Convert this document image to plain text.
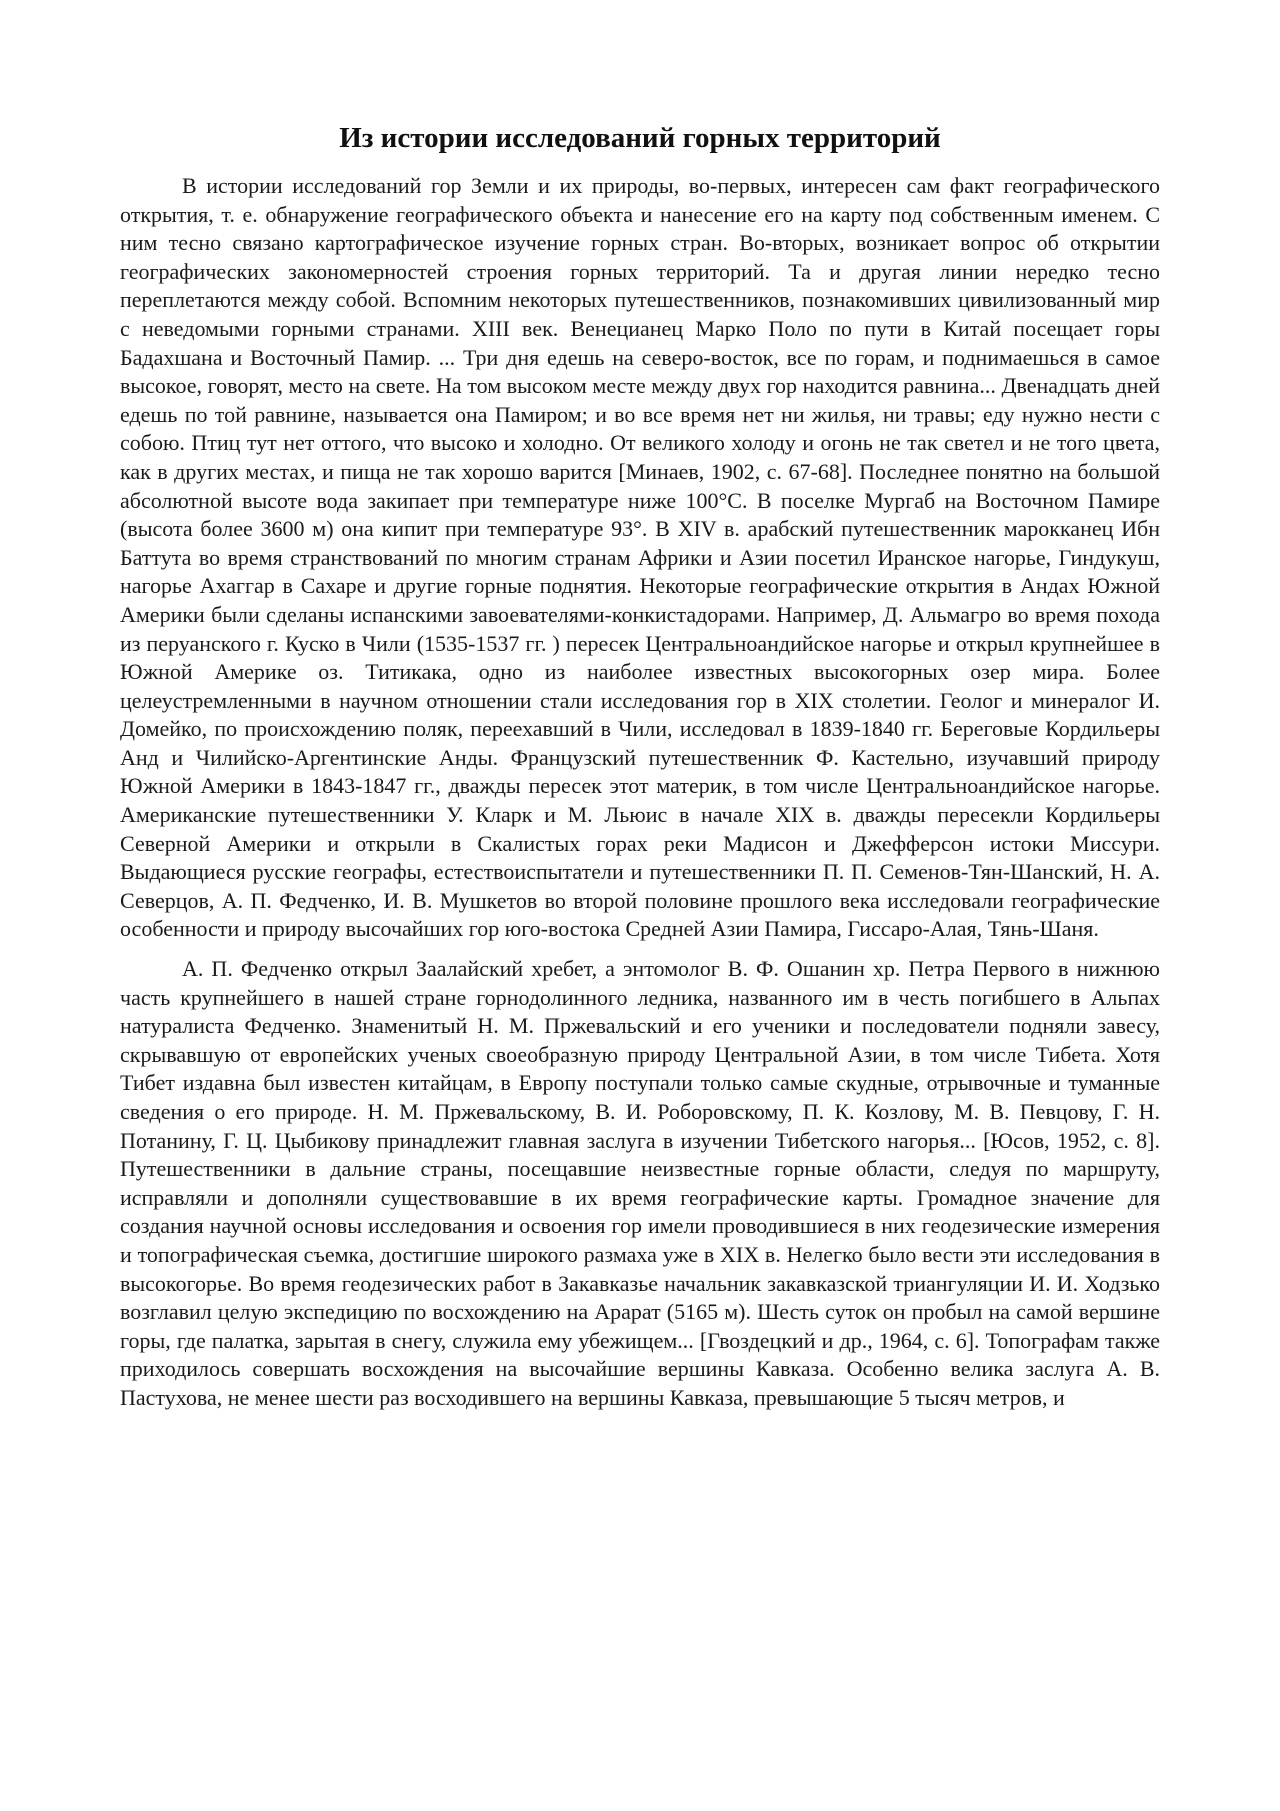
Из истории исследований горных территорий

В истории исследований гор Земли и их природы, во-первых, интересен сам факт географического открытия, т. е. обнаружение географического объекта и нанесение его на карту под собственным именем. С ним тесно связано картографическое изучение горных стран. Во-вторых, возникает вопрос об открытии географических закономерностей строения горных территорий. Та и другая линии нередко тесно переплетаются между собой. Вспомним некоторых путешественников, познакомивших цивилизованный мир с неведомыми горными странами. XIII век. Венецианец Марко Поло по пути в Китай посещает горы Бадахшана и Восточный Памир. ... Три дня едешь на северо-восток, все по горам, и поднимаешься в самое высокое, говорят, место на свете. На том высоком месте между двух гор находится равнина... Двенадцать дней едешь по той равнине, называется она Памиром; и во все время нет ни жилья, ни травы; еду нужно нести с собою. Птиц тут нет оттого, что высоко и холодно. От великого холоду и огонь не так светел и не того цвета, как в других местах, и пища не так хорошо варится [Минаев, 1902, с. 67-68]. Последнее понятно на большой абсолютной высоте вода закипает при температуре ниже 100°С. В поселке Мургаб на Восточном Памире (высота более 3600 м) она кипит при температуре 93°. В XIV в. арабский путешественник марокканец Ибн Баттута во время странствований по многим странам Африки и Азии посетил Иранское нагорье, Гиндукуш, нагорье Ахаггар в Сахаре и другие горные поднятия. Некоторые географические открытия в Андах Южной Америки были сделаны испанскими завоевателями-конкистадорами. Например, Д. Альмагро во время похода из перуанского г. Куско в Чили (1535-1537 гг. ) пересек Центральноандийское нагорье и открыл крупнейшее в Южной Америке оз. Титикака, одно из наиболее известных высокогорных озер мира. Более целеустремленными в научном отношении стали исследования гор в XIX столетии. Геолог и минералог И. Домейко, по происхождению поляк, переехавший в Чили, исследовал в 1839-1840 гг. Береговые Кордильеры Анд и Чилийско-Аргентинские Анды. Французский путешественник Ф. Кастельно, изучавший природу Южной Америки в 1843-1847 гг., дважды пересек этот материк, в том числе Центральноандийское нагорье. Американские путешественники У. Кларк и М. Льюис в начале XIX в. дважды пересекли Кордильеры Северной Америки и открыли в Скалистых горах реки Мадисон и Джефферсон истоки Миссури. Выдающиеся русские географы, естествоиспытатели и путешественники П. П. Семенов-Тян-Шанский, Н. А. Северцов, А. П. Федченко, И. В. Мушкетов во второй половине прошлого века исследовали географические особенности и природу высочайших гор юго-востока Средней Азии Памира, Гиссаро-Алая, Тянь-Шаня.

А. П. Федченко открыл Заалайский хребет, а энтомолог В. Ф. Ошанин хр. Петра Первого в нижнюю часть крупнейшего в нашей стране горнодолинного ледника, названного им в честь погибшего в Альпах натуралиста Федченко. Знаменитый Н. М. Пржевальский и его ученики и последователи подняли завесу, скрывавшую от европейских ученых своеобразную природу Центральной Азии, в том числе Тибета. Хотя Тибет издавна был известен китайцам, в Европу поступали только самые скудные, отрывочные и туманные сведения о его природе. Н. М. Пржевальскому, В. И. Роборовскому, П. К. Козлову, М. В. Певцову, Г. Н. Потанину, Г. Ц. Цыбикову принадлежит главная заслуга в изучении Тибетского нагорья... [Юсов, 1952, с. 8]. Путешественники в дальние страны, посещавшие неизвестные горные области, следуя по маршруту, исправляли и дополняли существовавшие в их время географические карты. Громадное значение для создания научной основы исследования и освоения гор имели проводившиеся в них геодезические измерения и топографическая съемка, достигшие широкого размаха уже в XIX в. Нелегко было вести эти исследования в высокогорье. Во время геодезических работ в Закавказье начальник закавказской триангуляции И. И. Ходзько возглавил целую экспедицию по восхождению на Арарат (5165 м). Шесть суток он пробыл на самой вершине горы, где палатка, зарытая в снегу, служила ему убежищем... [Гвоздецкий и др., 1964, с. 6]. Топографам также приходилось совершать восхождения на высочайшие вершины Кавказа. Особенно велика заслуга А. В. Пастухова, не менее шести раз восходившего на вершины Кавказа, превышающие 5 тысяч метров, и
